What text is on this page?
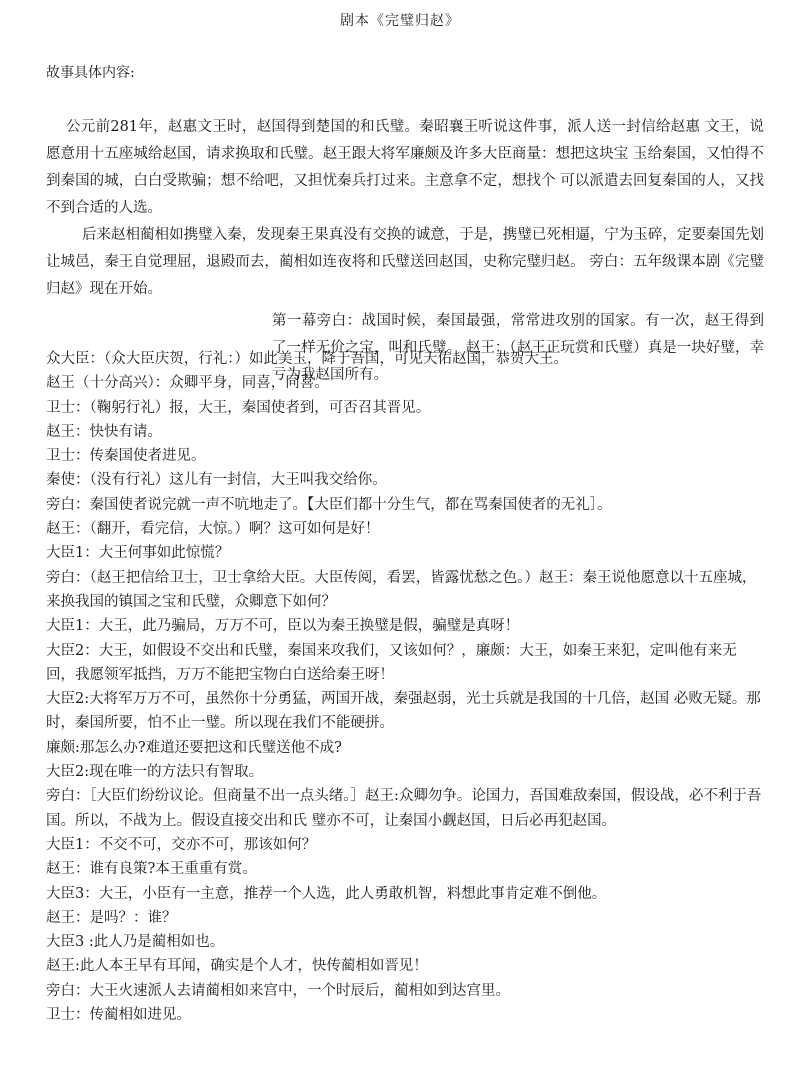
剧本《完璧归赵》
故事具体内容:

公元前281年，赵惠文王时，赵国得到楚国的和氏璧。秦昭襄王听说这件事，派人送一封信给赵惠 文王，说愿意用十五座城给赵国，请求换取和氏璧。赵王跟大将军廉颇及许多大臣商量：想把这块宝 玉给秦国，又怕得不到秦国的城，白白受欺骗；想不给吧，又担忧秦兵打过来。主意拿不定，想找个 可以派遣去回复秦国的人，又找不到合适的人选。

后来赵相蔺相如携璧入秦，发现秦王果真没有交换的诚意，于是，携璧已死相逼，宁为玉碎，定要秦国先划让城邑，秦王自觉理屈，退殿而去，蔺相如连夜将和氏璧送回赵国，史称完璧归赵。 旁白：五年级课本剧《完璧归赵》现在开始。

第一幕旁白：战国时候，秦国最强，常常进攻别的国家。有一次，赵王得到了一样无价之宝，叫和氏璧。 赵王：（赵王正玩赏和氏璧）真是一块好璧，幸亏为我赵国所有。

众大臣：（众大臣庆贺，行礼：）如此美玉，降于吾国，可见天佑赵国，恭贺大王。

赵王（十分高兴）：众卿平身，同喜，同喜。

卫士：（鞠躬行礼）报，大王，秦国使者到，可否召其晋见。

赵王：快快有请。

卫士：传秦国使者进见。

秦使：（没有行礼）这儿有一封信，大王叫我交给你。

旁白：秦国使者说完就一声不吭地走了。【大臣们都十分生气，都在骂秦国使者的无礼］。

赵王：（翻开，看完信，大惊。）啊？这可如何是好！

大臣1：大王何事如此惊慌？

旁白：（赵王把信给卫士，卫士拿给大臣。大臣传阅，看罢，皆露忧愁之色。）赵王：秦王说他愿意以十五座城，来换我国的镇国之宝和氏璧，众卿意下如何？

大臣1：大王，此乃骗局，万万不可，臣以为秦王换璧是假，骗璧是真呀！

大臣2：大王，如假设不交出和氏璧，秦国来攻我们，又该如何？，廉颇：大王，如秦王来犯，定叫他有来无回，我愿领军抵挡，万万不能把宝物白白送给秦王呀！

大臣2:大将军万万不可，虽然你十分勇猛，两国开战，秦强赵弱，光士兵就是我国的十几倍，赵国 必败无疑。那时，秦国所要，怕不止一璧。所以现在我们不能硬拼。

廉颇:那怎么办?难道还要把这和氏璧送他不成?

大臣2:现在唯一的方法只有智取。

旁白：［大臣们纷纷议论。但商量不出一点头绪。］赵王:众卿勿争。论国力，吾国难敌秦国，假设战，必不利于吾国。所以，不战为上。假设直接交出和氏 璧亦不可，让秦国小觑赵国，日后必再犯赵国。

大臣1：不交不可，交亦不可，那该如何？

赵王：谁有良策?本王重重有赏。

大臣3：大王，小臣有一主意，推荐一个人选，此人勇敢机智，料想此事肯定难不倒他。

赵王：是吗？：谁？

大臣3 :此人乃是蔺相如也。

赵王:此人本王早有耳闻，确实是个人才，快传蔺相如晋见！

旁白：大王火速派人去请蔺相如来宫中，一个时辰后，蔺相如到达宫里。

卫士：传蔺相如进见。
